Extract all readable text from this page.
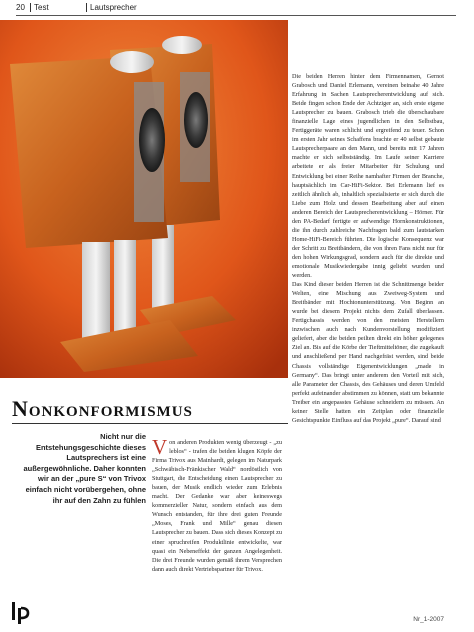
20	Test	Lautsprecher

Die beiden Herren hinter dem Firmennamen, Gernot Grabosch und Daniel Erlemann, vereinen beinahe 40 Jahre Erfahrung in Sachen Lautsprecherentwicklung auf sich. Beide fingen schon Ende der Achtziger an, sich erste eigene Lautsprecher zu bauen. Grabosch trieb die überschaubare finanzielle Lage eines jugendlichen in den Selbstbau, Fertiggeräte waren schlicht und ergreifend zu teuer. Schon im ersten Jahr seines Schaffens brachte er 40 selbst gebaute Lautsprecherpaare an den Mann, und bereits mit 17 Jahren machte er sich selbstständig. Im Laufe seiner Karriere arbeitete er als freier Mitarbeiter für Schulung und Entwicklung bei einer Reihe namhafter Firmen der Branche, hauptsächlich im Car-HiFi-Sektor. Bei Erlemann lief es zeitlich ähnlich ab, inhaltlich spezialisierte er sich durch die Liebe zum Holz und dessen Bearbeitung aber auf einen anderen Bereich der Lautsprecherentwicklung – Hörner. Für den PA-Bedarf fertigte er aufwendige Hornkonstruktionen, die ihn durch zahlreiche Nachfragen bald zum lautstarken Home-HiFi-Bereich führten. Die logische Konsequenz war der Schritt zu Breitbändern, die von ihren Fans nicht nur für den hohen Wirkungsgrad, sondern auch für die direkte und emotionale Musikwiedergabe innig geliebt wurden und werden.

Das Kind dieser beiden Herren ist die Schnittmenge beider Welten, eine Mischung aus Zweiweg-System und Breitbänder mit Hochtonunterstützung. Von Beginn an wurde bei diesem Projekt nichts dem Zufall überlassen. Fertigchassis werden von den meisten Herstellern inzwischen auch nach Kundenvorstellung modifiziert geliefert, aber die beiden peilten direkt ein höher gelegenes Ziel an. Bis auf die Körbe der Tieftmitteltöner, die zugekauft und anschließend per Hand nachgefräst werden, sind beide Chassis vollständige Eigenentwicklungen „made in Germany“. Das bringt unter anderem den Vorteil mit sich, alle Parameter der Chassis, des Gehäuses und deren Umfeld perfekt aufeinander abstimmen zu können, statt um bekannte Treiber ein angepasstes Gehäuse schneidern zu müssen. An keiner Stelle hatten ein Zeitplan oder finanzielle Gesichtspunkte Einfluss auf das Projekt „pure“. Darauf sind

Nonkonformismus
Nicht nur die Entstehungsgeschichte dieses Lautsprechers ist eine außergewöhnliche. Daher konnten wir an der „pure S“ von Trivox einfach nicht vorübergehen, ohne ihr auf den Zahn zu fühlen
Von anderen Produkten wenig überzeugt - „zu leblos“ - trafen die beiden klugen Köpfe der Firma Trivox aus Mainhardt, gelegen im Naturpark „Schwäbisch-Fränkischer Wald“ nordöstlich von Stuttgart, die Entscheidung einen Lautsprecher zu bauen, der Musik endlich wieder zum Erlebnis macht. Der Gedanke war aber keineswegs kommerzieller Natur, sondern einfach aus dem Wunsch entstanden, für ihre drei guten Freunde „Moses, Frank und Mille“ genau diesen Lautsprecher zu bauen. Dass sich dieses Konzept zu einer spruchreifen Produktlinie entwickelte, war quasi ein Nebeneffekt der ganzen Angelegenheit. Die drei Freunde wurden gemäß ihrem Versprechen dann auch direkt Vertriebspartner für Trivox.
Nr_1-2007
